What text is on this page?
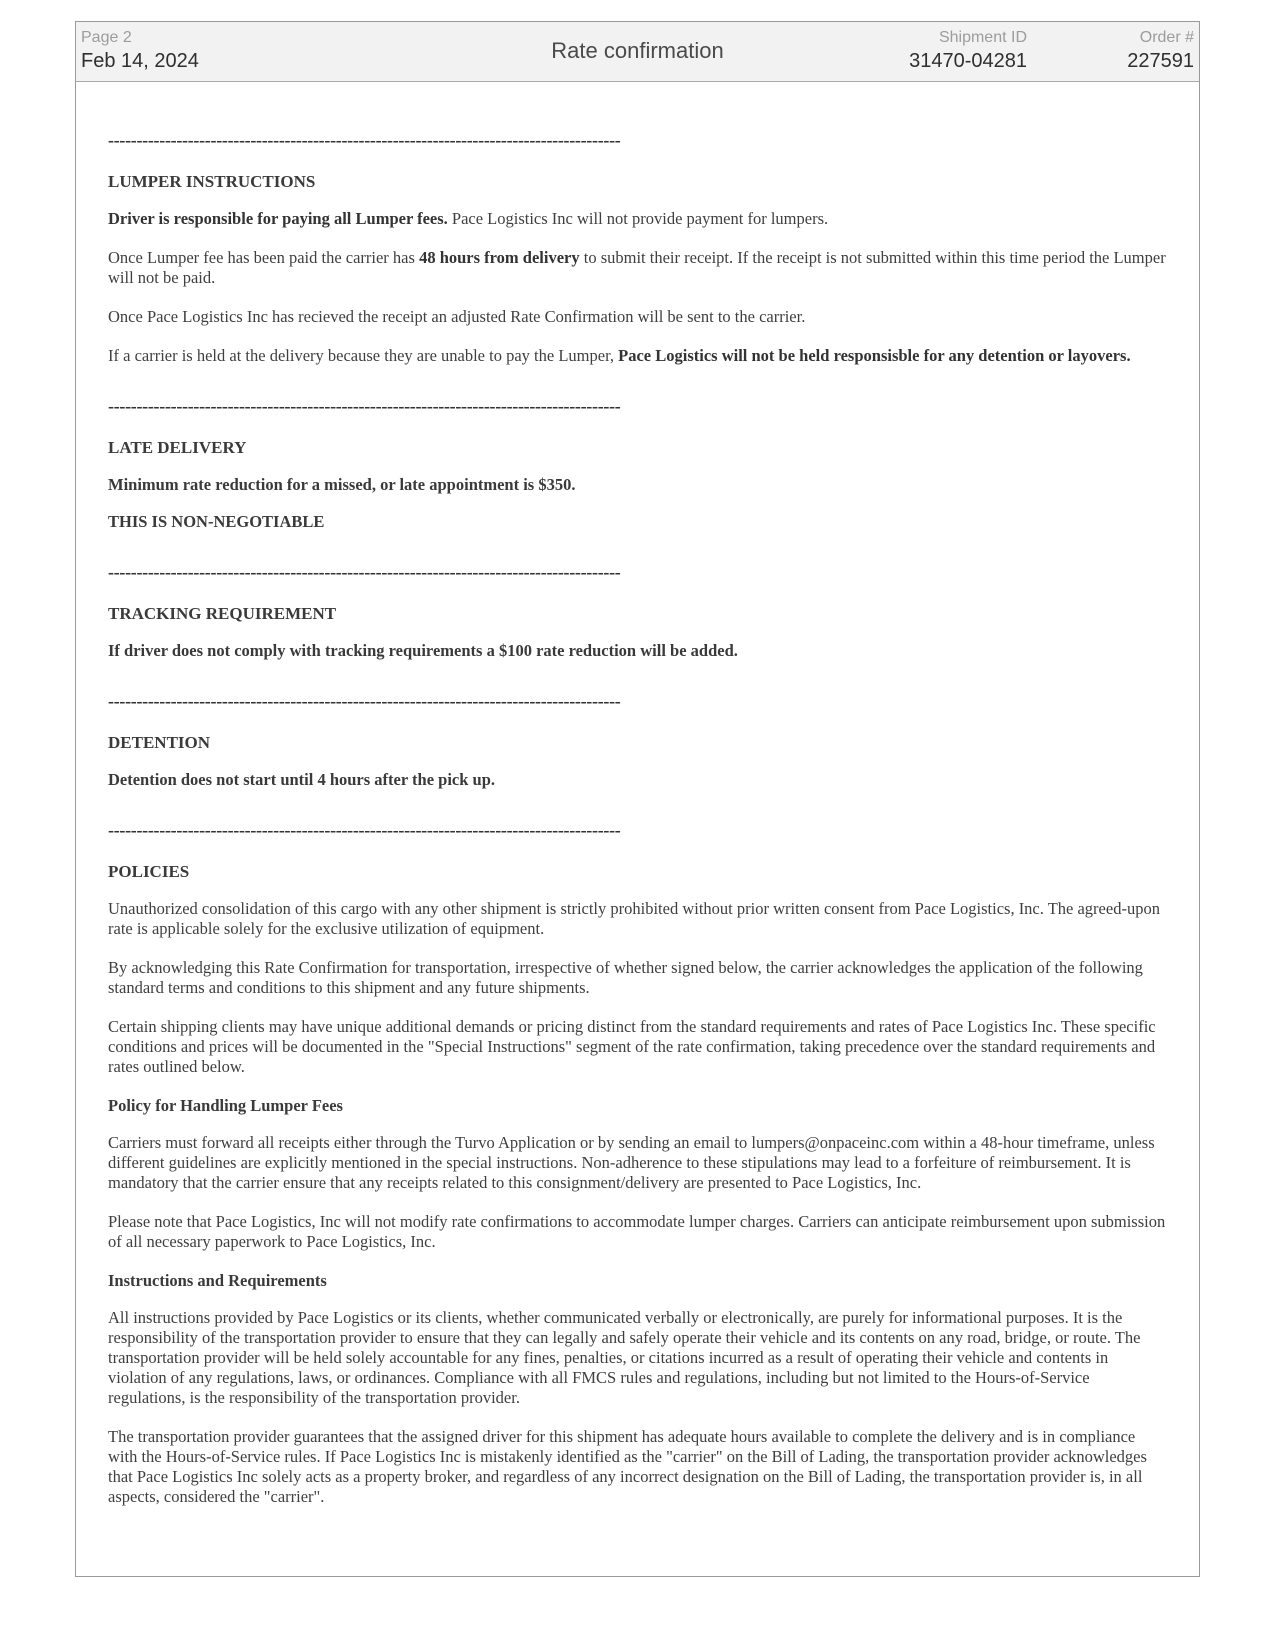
Page 2
Feb 14, 2024	Rate confirmation
Shipment ID
31470-04281
Order #
227591
------------------------------------------------------------------------------------------
LUMPER INSTRUCTIONS

Driver is responsible for paying all Lumper fees. Pace Logistics Inc will not provide payment for lumpers.

Once Lumper fee has been paid the carrier has 48 hours from delivery to submit their receipt. If the receipt is not submitted within this time period the Lumper will not be paid.

Once Pace Logistics Inc has recieved the receipt an adjusted Rate Confirmation will be sent to the carrier.

If a carrier is held at the delivery because they are unable to pay the Lumper, Pace Logistics will not be held responsisble for any detention or layovers.

------------------------------------------------------------------------------------------
LATE DELIVERY

Minimum rate reduction for a missed, or late appointment is $350.

THIS IS NON-NEGOTIABLE

------------------------------------------------------------------------------------------
TRACKING REQUIREMENT

If driver does not comply with tracking requirements a $100 rate reduction will be added.

------------------------------------------------------------------------------------------
DETENTION

Detention does not start until 4 hours after the pick up.

------------------------------------------------------------------------------------------
POLICIES

Unauthorized consolidation of this cargo with any other shipment is strictly prohibited without prior written consent from Pace Logistics, Inc. The agreed-upon rate is applicable solely for the exclusive utilization of equipment.

By acknowledging this Rate Confirmation for transportation, irrespective of whether signed below, the carrier acknowledges the application of the following standard terms and conditions to this shipment and any future shipments.

Certain shipping clients may have unique additional demands or pricing distinct from the standard requirements and rates of Pace Logistics Inc. These specific conditions and prices will be documented in the "Special Instructions" segment of the rate confirmation, taking precedence over the standard requirements and rates outlined below.

Policy for Handling Lumper Fees

Carriers must forward all receipts either through the Turvo Application or by sending an email to lumpers@onpaceinc.com within a 48-hour timeframe, unless different guidelines are explicitly mentioned in the special instructions. Non-adherence to these stipulations may lead to a forfeiture of reimbursement. It is mandatory that the carrier ensure that any receipts related to this consignment/delivery are presented to Pace Logistics, Inc.

Please note that Pace Logistics, Inc will not modify rate confirmations to accommodate lumper charges. Carriers can anticipate reimbursement upon submission of all necessary paperwork to Pace Logistics, Inc.

Instructions and Requirements

All instructions provided by Pace Logistics or its clients, whether communicated verbally or electronically, are purely for informational purposes. It is the responsibility of the transportation provider to ensure that they can legally and safely operate their vehicle and its contents on any road, bridge, or route. The transportation provider will be held solely accountable for any fines, penalties, or citations incurred as a result of operating their vehicle and contents in violation of any regulations, laws, or ordinances. Compliance with all FMCS rules and regulations, including but not limited to the Hours-of-Service regulations, is the responsibility of the transportation provider.

The transportation provider guarantees that the assigned driver for this shipment has adequate hours available to complete the delivery and is in compliance with the Hours-of-Service rules. If Pace Logistics Inc is mistakenly identified as the "carrier" on the Bill of Lading, the transportation provider acknowledges that Pace Logistics Inc solely acts as a property broker, and regardless of any incorrect designation on the Bill of Lading, the transportation provider is, in all aspects, considered the "carrier".
